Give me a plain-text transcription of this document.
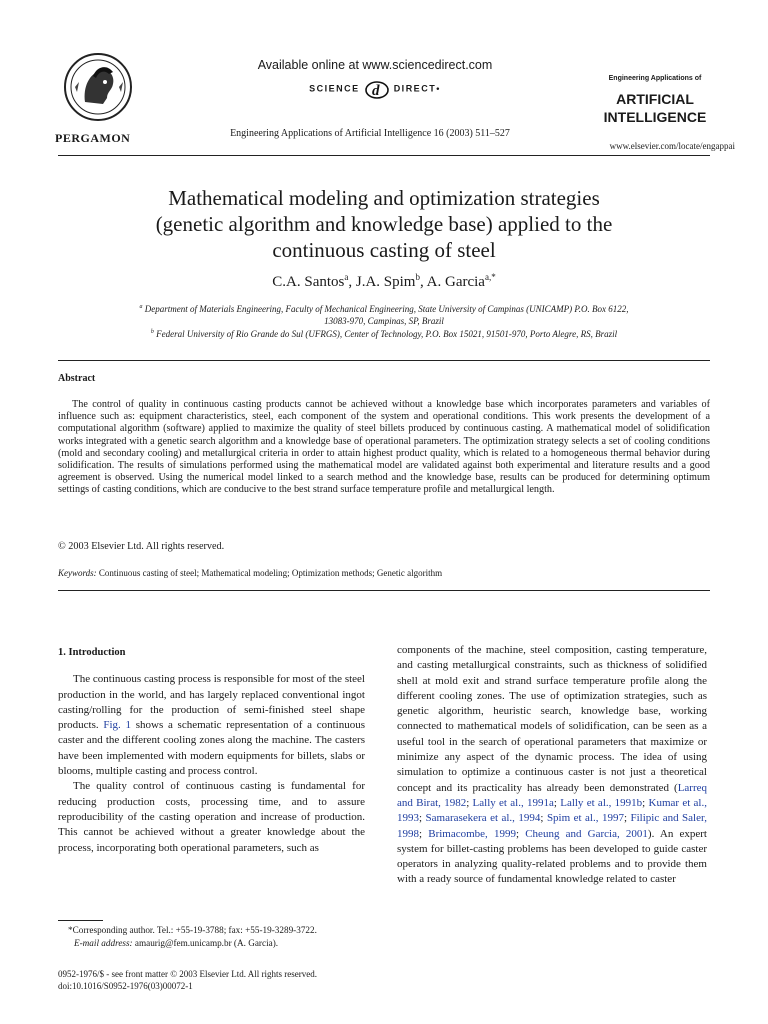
PERGAMON
Available online at www.sciencedirect.com
SCIENCE d DIRECT•
Engineering Applications of Artificial Intelligence 16 (2003) 511–527
Engineering Applications of
ARTIFICIAL
INTELLIGENCE
www.elsevier.com/locate/engappai
Mathematical modeling and optimization strategies
(genetic algorithm and knowledge base) applied to the
continuous casting of steel
C.A. Santos$^a$, J.A. Spim$^b$, A. Garcia$^{a,*}$
$^a$ Department of Materials Engineering, Faculty of Mechanical Engineering, State University of Campinas (UNICAMP) P.O. Box 6122,
13083-970, Campinas, SP, Brazil
$^b$ Federal University of Rio Grande do Sul (UFRGS), Center of Technology, P.O. Box 15021, 91501-970, Porto Alegre, RS, Brazil
Abstract

The control of quality in continuous casting products cannot be achieved without a knowledge base which incorporates parameters and variables of influence such as: equipment characteristics, steel, each component of the system and operational conditions. This work presents the development of a computational algorithm (software) applied to maximize the quality of steel billets produced by continuous casting. A mathematical model of solidification works integrated with a genetic search algorithm and a knowledge base of operational parameters. The optimization strategy selects a set of cooling conditions (mold and secondary cooling) and metallurgical criteria in order to attain highest product quality, which is related to a homogeneous thermal behavior during solidification. The results of simulations performed using the mathematical model are validated against both experimental and literature results and a good agreement is observed. Using the numerical model linked to a search method and the knowledge base, results can be produced for determining optimum settings of casting conditions, which are conducive to the best strand surface temperature profile and metallurgical length.

© 2003 Elsevier Ltd. All rights reserved.
Keywords: Continuous casting of steel; Mathematical modeling; Optimization methods; Genetic algorithm
1. Introduction

The continuous casting process is responsible for most of the steel production in the world, and has largely replaced conventional ingot casting/rolling for the production of semi-finished steel shape products. Fig. 1 shows a schematic representation of a continuous caster and the different cooling zones along the machine. The casters have been implemented with modern equipments for billets, slabs or blooms, multiple casting and process control.

The quality control of continuous casting is fundamental for reducing production costs, processing time, and to assure reproducibility of the casting operation and increase of production. This cannot be achieved without a greater knowledge about the process, incorporating both operational parameters, such as

components of the machine, steel composition, casting temperature, and casting metallurgical constraints, such as thickness of solidified shell at mold exit and strand surface temperature profile along the different cooling zones. The use of optimization strategies, such as genetic algorithm, heuristic search, knowledge base, working connected to mathematical models of solidification, can be seen as a useful tool in the search of operational parameters that maximize or minimize any aspect of the dynamic process. The idea of using simulation to optimize a continuous caster is not just a theoretical concept and its practicality has already been demonstrated (Larreq and Birat, 1982; Lally et al., 1991a; Lally et al., 1991b; Kumar et al., 1993; Samarasekera et al., 1994; Spim et al., 1997; Filipic and Saler, 1998; Brimacombe, 1999; Cheung and Garcia, 2001). An expert system for billet-casting problems has been developed to guide caster operators in analyzing quality-related problems and to provide them with a ready source of fundamental knowledge related to caster

*Corresponding author. Tel.: +55-19-3788; fax: +55-19-3289-3722.
E-mail address: amaurig@fem.unicamp.br (A. Garcia).
0952-1976/$ - see front matter © 2003 Elsevier Ltd. All rights reserved.
doi:10.1016/S0952-1976(03)00072-1
